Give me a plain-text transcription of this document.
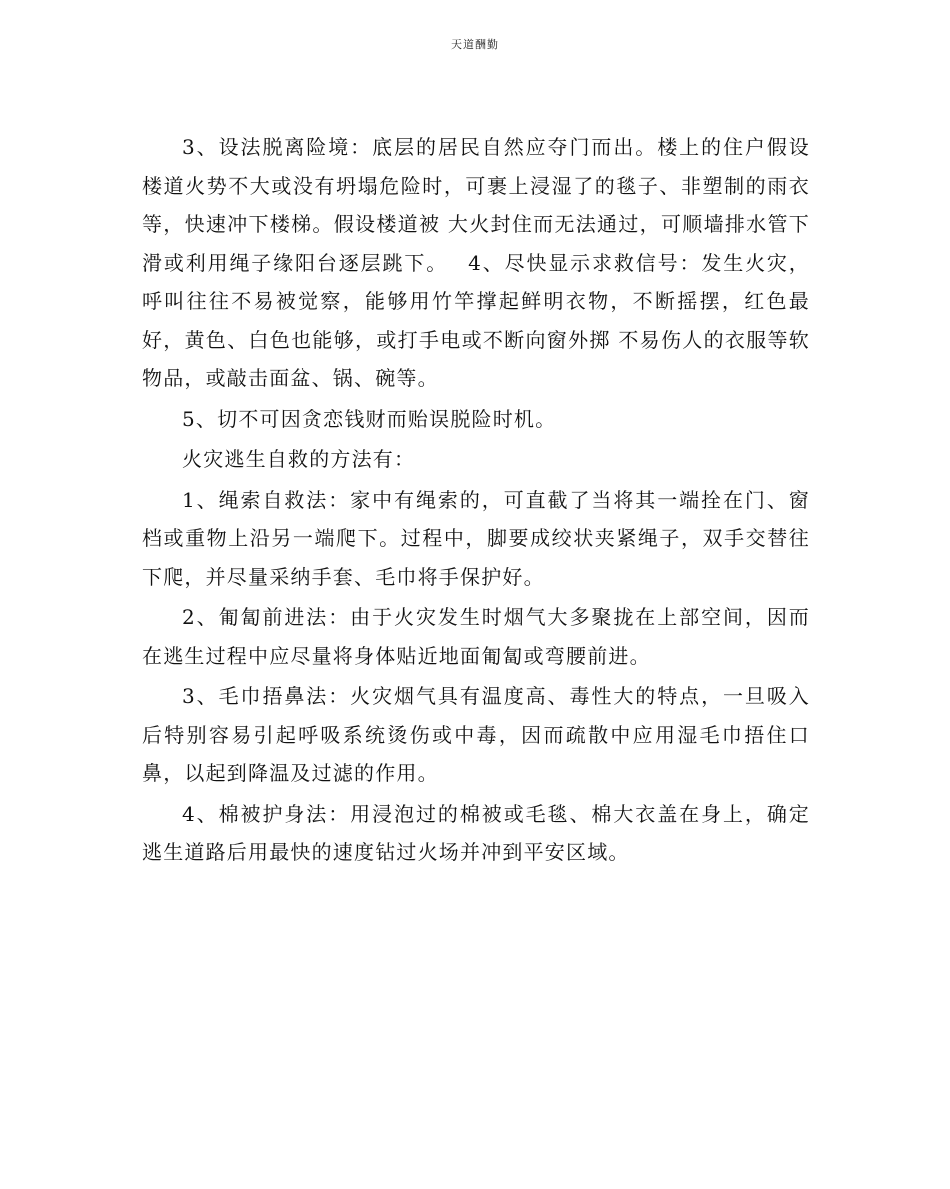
天道酬勤

3、设法脱离险境：底层的居民自然应夺门而出。楼上的住户假设楼道火势不大或没有坍塌危险时，可裹上浸湿了的毯子、非塑制的雨衣等，快速冲下楼梯。假设楼道被 大火封住而无法通过，可顺墙排水管下滑或利用绳子缘阳台逐层跳下。　 4、尽快显示求救信号：发生火灾，呼叫往往不易被觉察，能够用竹竿撑起鲜明衣物，不断摇摆，红色最好，黄色、白色也能够，或打手电或不断向窗外掷 不易伤人的衣服等软物品，或敲击面盆、锅、碗等。

5、切不可因贪恋钱财而贻误脱险时机。

火灾逃生自救的方法有：

1、绳索自救法：家中有绳索的，可直截了当将其一端拴在门、窗档或重物上沿另一端爬下。过程中，脚要成绞状夹紧绳子，双手交替往下爬，并尽量采纳手套、毛巾将手保护好。

2、匍匐前进法：由于火灾发生时烟气大多聚拢在上部空间，因而在逃生过程中应尽量将身体贴近地面匍匐或弯腰前进。

3、毛巾捂鼻法：火灾烟气具有温度高、毒性大的特点，一旦吸入后特别容易引起呼吸系统烫伤或中毒，因而疏散中应用湿毛巾捂住口鼻，以起到降温及过滤的作用。

4、棉被护身法：用浸泡过的棉被或毛毯、棉大衣盖在身上，确定逃生道路后用最快的速度钻过火场并冲到平安区域。
